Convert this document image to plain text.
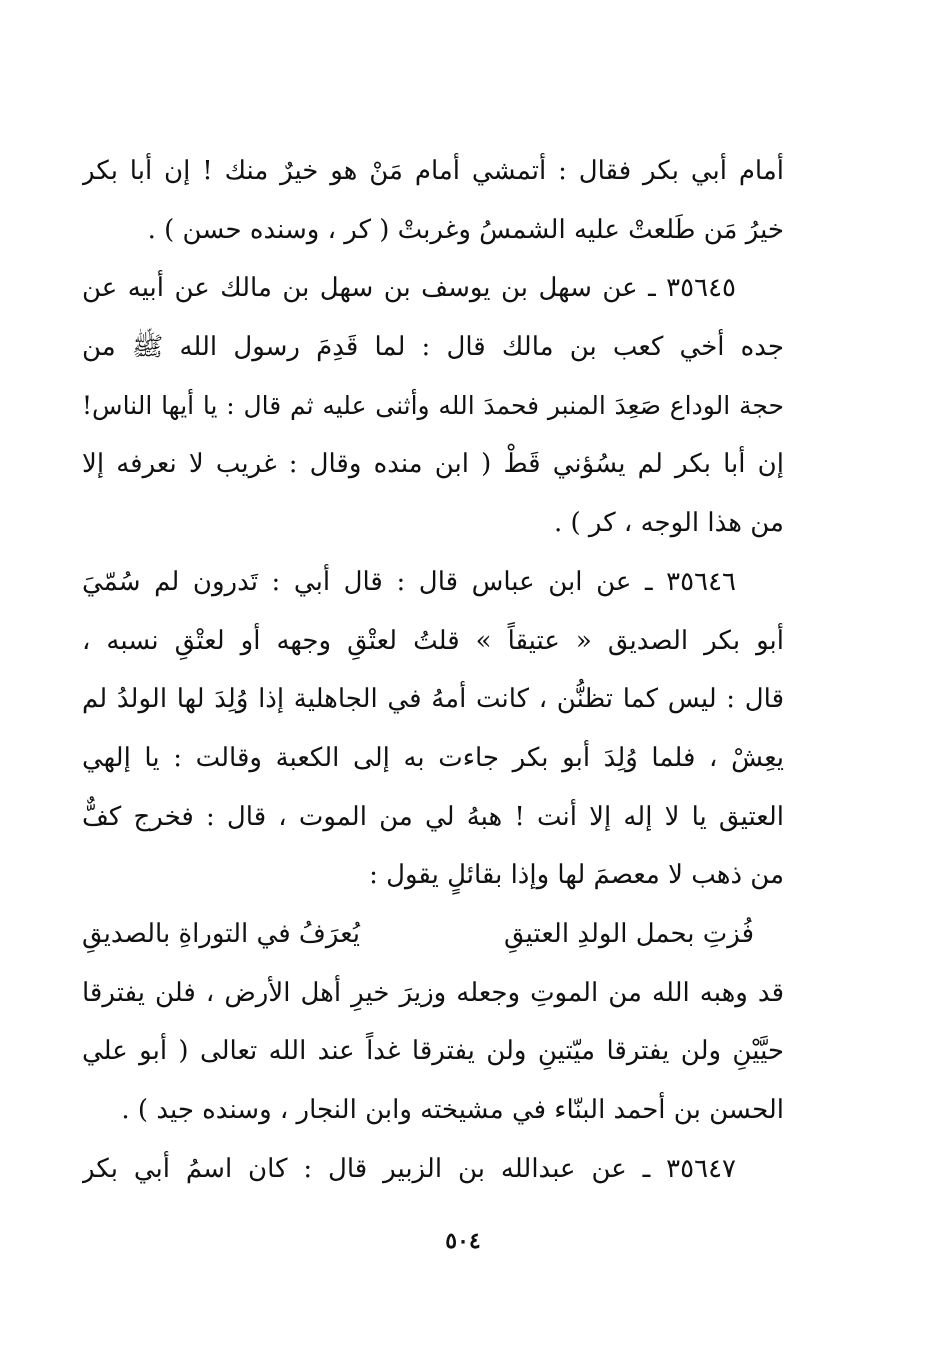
أمام أبي بكر فقال : أتمشي أمام مَنْ هو خيرٌ منك ! إن أبا بكر
خيرُ مَن طَلعتْ عليه الشمسُ وغربتْ ( كر ، وسنده حسن ) .
٣٥٦٤٥ ـ عن سهل بن يوسف بن سهل بن مالك عن أبيه عن
جده أخي كعب بن مالك قال : لما قَدِمَ رسول الله ﷺ من
حجة الوداع صَعِدَ المنبر فحمدَ الله وأثنى عليه ثم قال : يا أيها الناس!
إن أبا بكر لم يسُؤني قَطْ ( ابن منده وقال : غريب لا نعرفه إلا
من هذا الوجه ، كر ) .
٣٥٦٤٦ ـ عن ابن عباس قال : قال أبي : تَدرون لم سُمّيَ
أبو بكر الصديق « عتيقاً » قلتُ لعتْقِ وجهه أو لعتْقِ نسبه ،
قال : ليس كما تظنُّن ، كانت أمهُ في الجاهلية إذا وُلِدَ لها الولدُ لم
يعِشْ ، فلما وُلِدَ أبو بكر جاءت به إلى الكعبة وقالت : يا إلهي
العتيق يا لا إله إلا أنت ! هبهُ لي من الموت ، قال : فخرج كفٌّ
من ذهب لا معصمَ لها وإذا بقائلٍ يقول :
فُزتِ بحمل الولدِ العتيقِ
يُعرَفُ في التوراةِ بالصديقِ
قد وهبه الله من الموتِ وجعله وزيرَ خيرِ أهل الأرض ، فلن يفترقا
حيَّيْنِ ولن يفترقا ميّتينِ ولن يفترقا غداً عند الله تعالى ( أبو علي
الحسن بن أحمد البنّاء في مشيخته وابن النجار ، وسنده جيد ) .
٣٥٦٤٧ ـ عن عبدالله بن الزبير قال : كان اسمُ أبي بكر
٥٠٤
